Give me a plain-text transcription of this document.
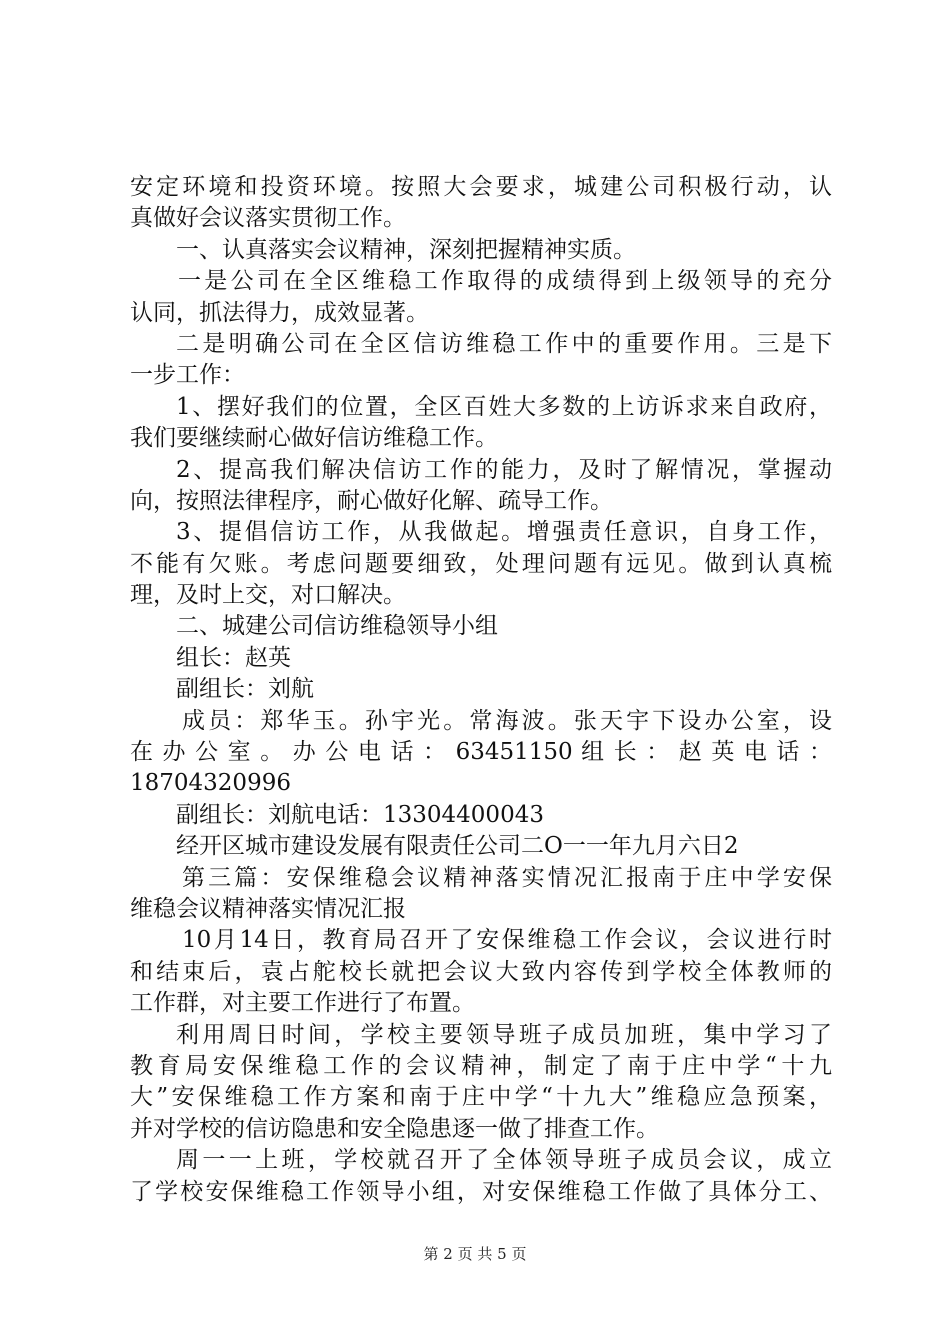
安定环境和投资环境。按照大会要求，城建公司积极行动，认
真做好会议落实贯彻工作。
一、认真落实会议精神，深刻把握精神实质。
一是公司在全区维稳工作取得的成绩得到上级领导的充分
认同，抓法得力，成效显著。
二是明确公司在全区信访维稳工作中的重要作用。三是下
一步工作：
1、摆好我们的位置，全区百姓大多数的上访诉求来自政府，
我们要继续耐心做好信访维稳工作。
2、提高我们解决信访工作的能力，及时了解情况，掌握动
向，按照法律程序，耐心做好化解、疏导工作。
3、提倡信访工作，从我做起。增强责任意识，自身工作，
不能有欠账。考虑问题要细致，处理问题有远见。做到认真梳
理，及时上交，对口解决。
二、城建公司信访维稳领导小组
组长：赵英
副组长：刘航
成员：郑华玉。孙宇光。常海波。张天宇下设办公室，设
在 办 公 室 。 办 公 电 话 ： 63451150 组 长 ： 赵 英 电 话 ：
18704320996
副组长：刘航电话：13304400043
经开区城市建设发展有限责任公司二O一一年九月六日2
第三篇：安保维稳会议精神落实情况汇报南于庄中学安保
维稳会议精神落实情况汇报
10月14日，教育局召开了安保维稳工作会议，会议进行时
和结束后，袁占舵校长就把会议大致内容传到学校全体教师的
工作群，对主要工作进行了布置。
利用周日时间，学校主要领导班子成员加班，集中学习了
教育局安保维稳工作的会议精神，制定了南于庄中学“十九
大”安保维稳工作方案和南于庄中学“十九大”维稳应急预案，
并对学校的信访隐患和安全隐患逐一做了排查工作。
周一一上班，学校就召开了全体领导班子成员会议，成立
了学校安保维稳工作领导小组，对安保维稳工作做了具体分工、
第 2 页 共 5 页
